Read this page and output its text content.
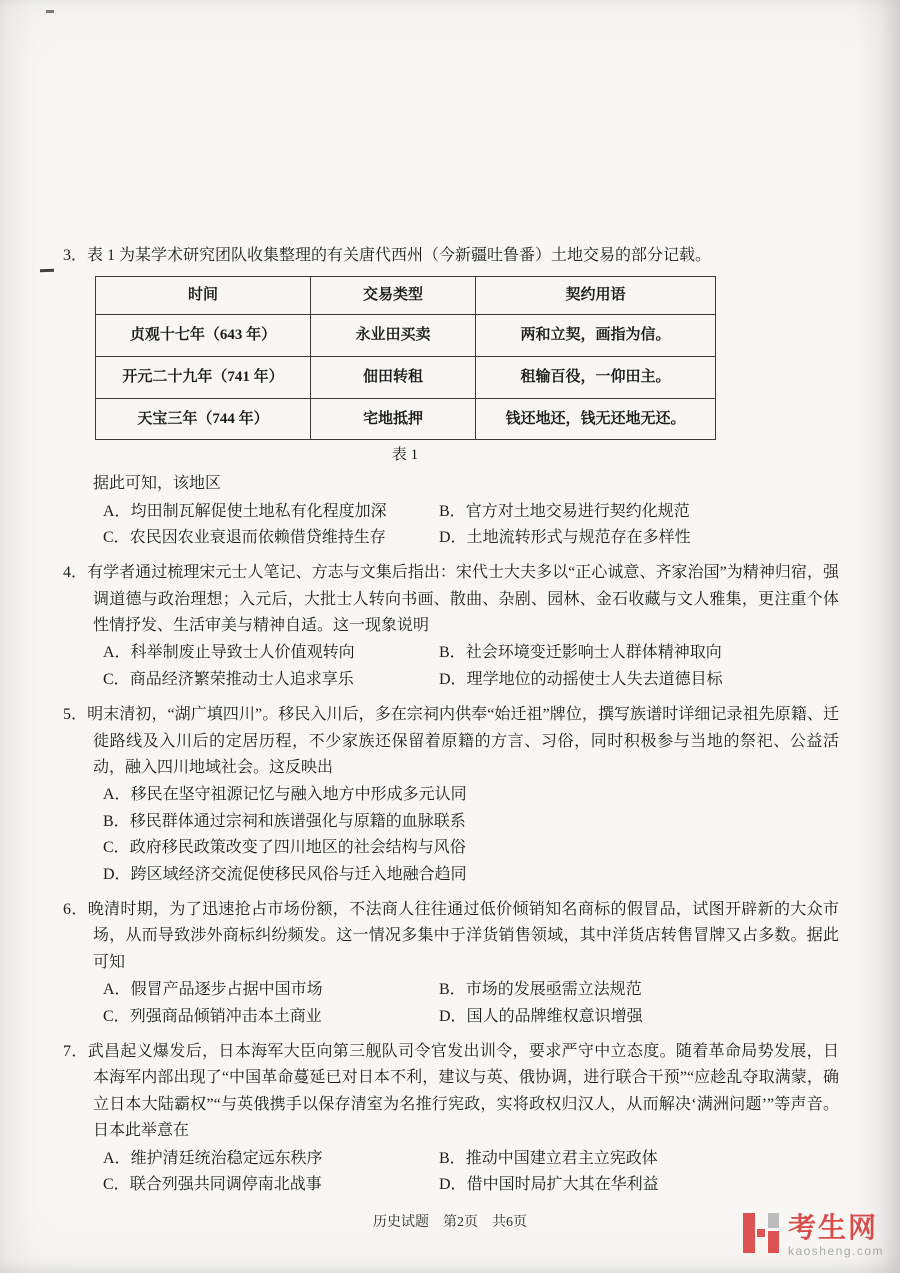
3．表 1 为某学术研究团队收集整理的有关唐代西州（今新疆吐鲁番）土地交易的部分记载。

时间	交易类型	契约用语
贞观十七年（643 年）	永业田买卖	两和立契，画指为信。
开元二十九年（741 年）	佃田转租	租输百役，一仰田主。
天宝三年（744 年）	宅地抵押	钱还地还，钱无还地无还。
表 1

据此可知，该地区

A．均田制瓦解促使土地私有化程度加深	B．官方对土地交易进行契约化规范

C．农民因农业衰退而依赖借贷维持生存	D．土地流转形式与规范存在多样性

4．有学者通过梳理宋元士人笔记、方志与文集后指出：宋代士大夫多以“正心诚意、齐家治国”为精神归宿，强调道德与政治理想；入元后，大批士人转向书画、散曲、杂剧、园林、金石收藏与文人雅集，更注重个体性情抒发、生活审美与精神自适。这一现象说明

A．科举制废止导致士人价值观转向	B．社会环境变迁影响士人群体精神取向

C．商品经济繁荣推动士人追求享乐	D．理学地位的动摇使士人失去道德目标

5．明末清初，“湖广填四川”。移民入川后，多在宗祠内供奉“始迁祖”牌位，撰写族谱时详细记录祖先原籍、迁徙路线及入川后的定居历程，不少家族还保留着原籍的方言、习俗，同时积极参与当地的祭祀、公益活动，融入四川地域社会。这反映出

A．移民在坚守祖源记忆与融入地方中形成多元认同

B．移民群体通过宗祠和族谱强化与原籍的血脉联系

C．政府移民政策改变了四川地区的社会结构与风俗

D．跨区域经济交流促使移民风俗与迁入地融合趋同

6．晚清时期，为了迅速抢占市场份额，不法商人往往通过低价倾销知名商标的假冒品，试图开辟新的大众市场，从而导致涉外商标纠纷频发。这一情况多集中于洋货销售领域，其中洋货店转售冒牌又占多数。据此可知

A．假冒产品逐步占据中国市场	B．市场的发展亟需立法规范

C．列强商品倾销冲击本土商业	D．国人的品牌维权意识增强

7．武昌起义爆发后，日本海军大臣向第三舰队司令官发出训令，要求严守中立态度。随着革命局势发展，日本海军内部出现了“中国革命蔓延已对日本不利，建议与英、俄协调，进行联合干预”“应趁乱夺取满蒙，确立日本大陆霸权”“与英俄携手以保存清室为名推行宪政，实将政权归汉人，从而解决‘满洲问题’”等声音。日本此举意在

A．维护清廷统治稳定远东秩序	B．推动中国建立君主立宪政体

C．联合列强共同调停南北战事	D．借中国时局扩大其在华利益

历史试题　第2页　共6页	考生网
kaosheng.com
